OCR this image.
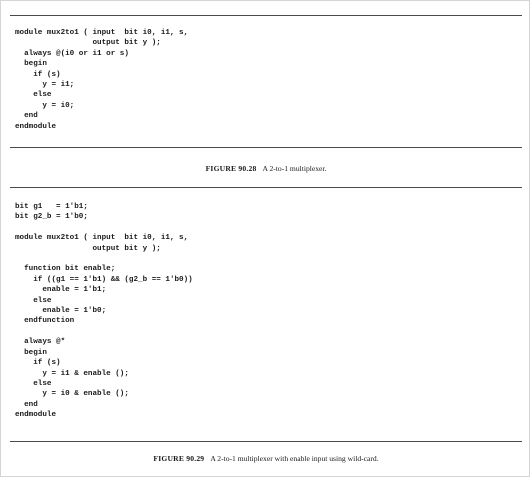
module mux2to1 ( input  bit i0, i1, s,
output bit y );
always @(i0 or i1 or s)
begin
if (s)
y = i1;
else
y = i0;
end
endmodule
FIGURE 90.28 A 2-to-1 multiplexer.
bit g1   = 1'b1;
bit g2_b = 1'b0;

module mux2to1 ( input  bit i0, i1, s,
output bit y );

function bit enable;
if ((g1 == 1'b1) && (g2_b == 1'b0))
enable = 1'b1;
else
enable = 1'b0;
endfunction

always @*
begin
if (s)
y = i1 & enable ();
else
y = i0 & enable ();
end
endmodule
FIGURE 90.29 A 2-to-1 multiplexer with enable input using wild-card.
